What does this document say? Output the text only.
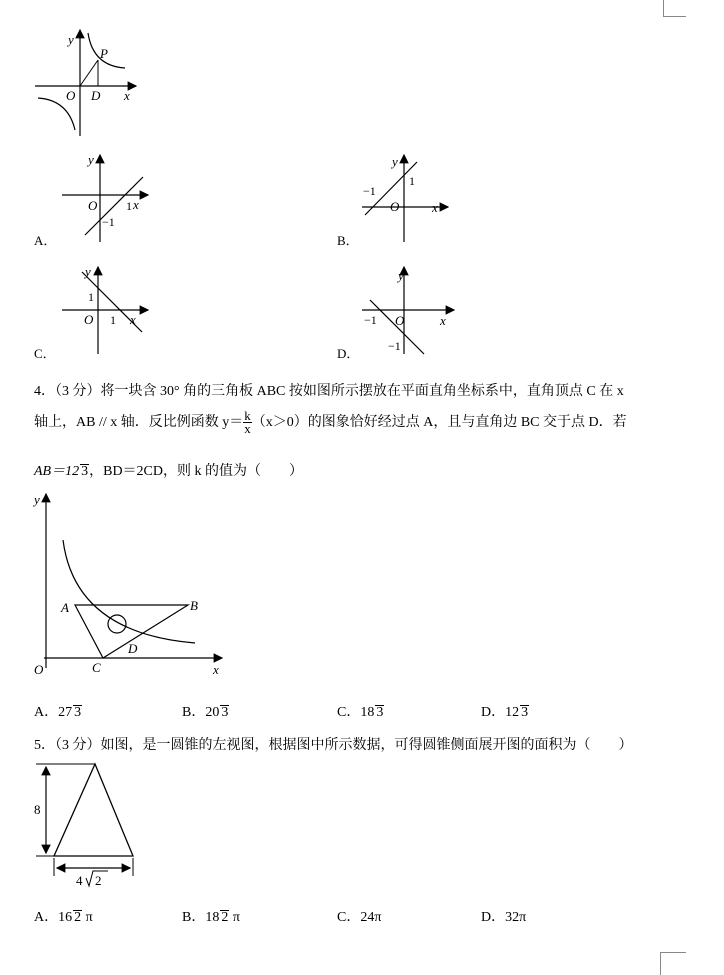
y
P
O D x
y
O 1 x
−1
A．
y
−1
1
O	x
B．
y
1
O 1 x
C．
y
−1 O	x
−1
D．
4．（3 分）将一块含 30° 角的三角板 ABC 按如图所示摆放在平面直角坐标系中，直角顶点 C 在 x
轴上，AB // x 轴．反比例函数 $y= \frac{k}{x} (x>0)$的图象恰好经过点 A，且与直角边 BC 交于点 D．若
AB＝12 3，BD＝2CD，则 k 的值为（　　）
y
A	B
D
O	C	x
A．27 3	B．20 3	C．18 3	D．12 3
5．（3 分）如图，是一圆锥的左视图，根据图中所示数据，可得圆锥侧面展开图的面积为（　　）
8
4 2
A．16 2 π	B．18 2 π	C．24π	D．32π
